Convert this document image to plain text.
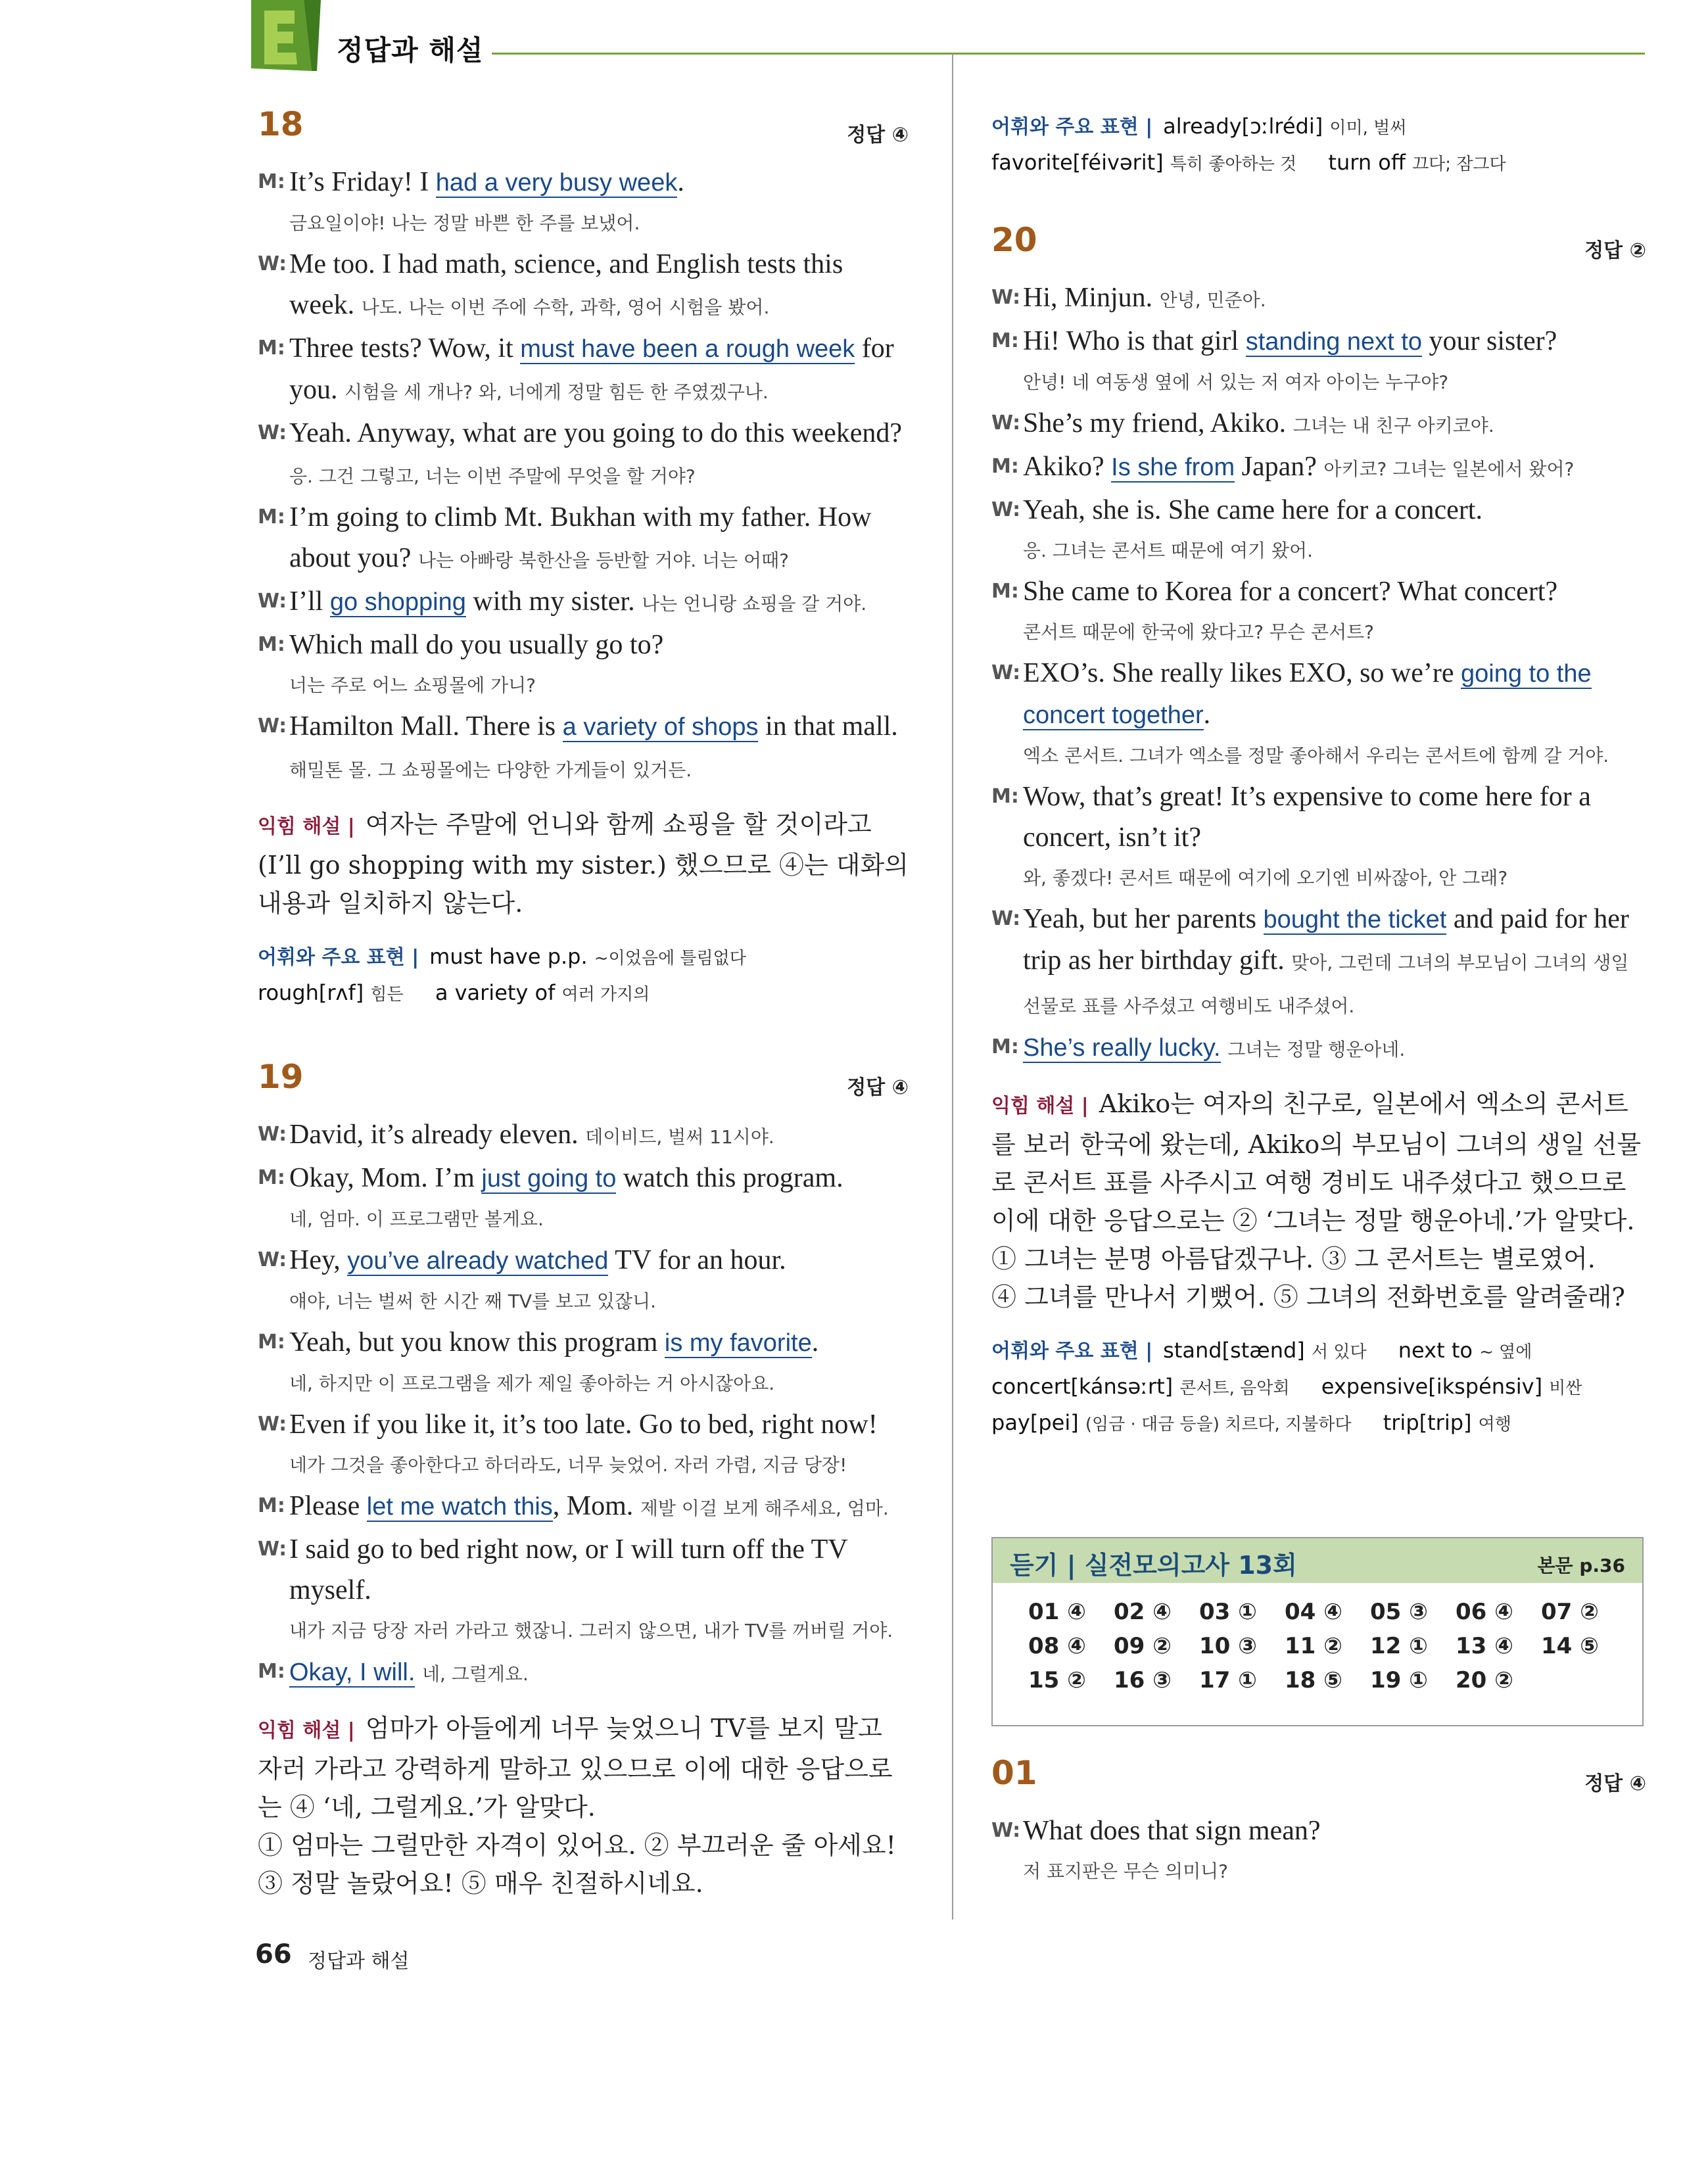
정답과 해설
18	정답 ④
M: It’s Friday! I had a very busy week.
금요일이야! 나는 정말 바쁜 한 주를 보냈어.
W: Me too. I had math, science, and English tests this week. 나도. 나는 이번 주에 수학, 과학, 영어 시험을 봤어.
M: Three tests? Wow, it must have been a rough week for you. 시험을 세 개나? 와, 너에게 정말 힘든 한 주였겠구나.
W: Yeah. Anyway, what are you going to do this weekend? 응. 그건 그렇고, 너는 이번 주말에 무엇을 할 거야?
M: I’m going to climb Mt. Bukhan with my father. How about you? 나는 아빠랑 북한산을 등반할 거야. 너는 어때?
W: I’ll go shopping with my sister. 나는 언니랑 쇼핑을 갈 거야.
M: Which mall do you usually go to?
너는 주로 어느 쇼핑몰에 가니?
W: Hamilton Mall. There is a variety of shops in that mall. 해밀톤 몰. 그 쇼핑몰에는 다양한 가게들이 있거든.
익힘 해설 | 여자는 주말에 언니와 함께 쇼핑을 할 것이라고(I’ll go shopping with my sister.) 했으므로 ④는 대화의 내용과 일치하지 않는다.
어휘와 주요 표현 | must have p.p. ~이었음에 틀림없다 rough[rʌf] 힘든 a variety of 여러 가지의
19	정답 ④
W: David, it’s already eleven. 데이비드, 벌써 11시야.
M: Okay, Mom. I’m just going to watch this program.
네, 엄마. 이 프로그램만 볼게요.
W: Hey, you’ve already watched TV for an hour.
얘야, 너는 벌써 한 시간 째 TV를 보고 있잖니.
M: Yeah, but you know this program is my favorite.
네, 하지만 이 프로그램을 제가 제일 좋아하는 거 아시잖아요.
W: Even if you like it, it’s too late. Go to bed, right now!
네가 그것을 좋아한다고 하더라도, 너무 늦었어. 자러 가렴, 지금 당장!
M: Please let me watch this, Mom. 제발 이걸 보게 해주세요, 엄마.
W: I said go to bed right now, or I will turn off the TV myself.
내가 지금 당장 자러 가라고 했잖니. 그러지 않으면, 내가 TV를 꺼버릴 거야.
M: Okay, I will. 네, 그럴게요.
익힘 해설 | 엄마가 아들에게 너무 늦었으니 TV를 보지 말고 자러 가라고 강력하게 말하고 있으므로 이에 대한 응답으로는 ④ ‘네, 그럴게요.’가 알맞다.
① 엄마는 그럴만한 자격이 있어요. ② 부끄러운 줄 아세요!
③ 정말 놀랐어요! ⑤ 매우 친절하시네요.
어휘와 주요 표현 | already[ɔːlrédi] 이미, 벌써 favorite[féivərit] 특히 좋아하는 것 turn off 끄다; 잠그다
20	정답 ②
W: Hi, Minjun. 안녕, 민준아.
M: Hi! Who is that girl standing next to your sister?
안녕! 네 여동생 옆에 서 있는 저 여자 아이는 누구야?
W: She’s my friend, Akiko. 그녀는 내 친구 아키코야.
M: Akiko? Is she from Japan? 아키코? 그녀는 일본에서 왔어?
W: Yeah, she is. She came here for a concert.
응. 그녀는 콘서트 때문에 여기 왔어.
M: She came to Korea for a concert? What concert?
콘서트 때문에 한국에 왔다고? 무슨 콘서트?
W: EXO’s. She really likes EXO, so we’re going to the concert together.
엑소 콘서트. 그녀가 엑소를 정말 좋아해서 우리는 콘서트에 함께 갈 거야.
M: Wow, that’s great! It’s expensive to come here for a concert, isn’t it?
와, 좋겠다! 콘서트 때문에 여기에 오기엔 비싸잖아, 안 그래?
W: Yeah, but her parents bought the ticket and paid for her trip as her birthday gift. 맞아, 그런데 그녀의 부모님이 그녀의 생일 선물로 표를 사주셨고 여행비도 내주셨어.
M: She’s really lucky. 그녀는 정말 행운아네.
익힘 해설 | Akiko는 여자의 친구로, 일본에서 엑소의 콘서트를 보러 한국에 왔는데, Akiko의 부모님이 그녀의 생일 선물로 콘서트 표를 사주시고 여행 경비도 내주셨다고 했으므로 이에 대한 응답으로는 ② ‘그녀는 정말 행운아네.’가 알맞다.
① 그녀는 분명 아름답겠구나. ③ 그 콘서트는 별로였어.
④ 그녀를 만나서 기뻤어. ⑤ 그녀의 전화번호를 알려줄래?
어휘와 주요 표현 | stand[stænd] 서 있다 next to ~ 옆에 concert[kánsəːrt] 콘서트, 음악회 expensive[ikspénsiv] 비싼 pay[pei] (임금 · 대금 등을) 치르다, 지불하다 trip[trip] 여행
듣기 | 실전모의고사 13회	본문 p.36
01 ④	02 ④	03 ①	04 ④	05 ③	06 ④	07 ②
08 ④	09 ②	10 ③	11 ②	12 ①	13 ④	14 ⑤
15 ②	16 ③	17 ①	18 ⑤	19 ①	20 ②
01	정답 ④
W: What does that sign mean?
저 표지판은 무슨 의미니?
66 정답과 해설
